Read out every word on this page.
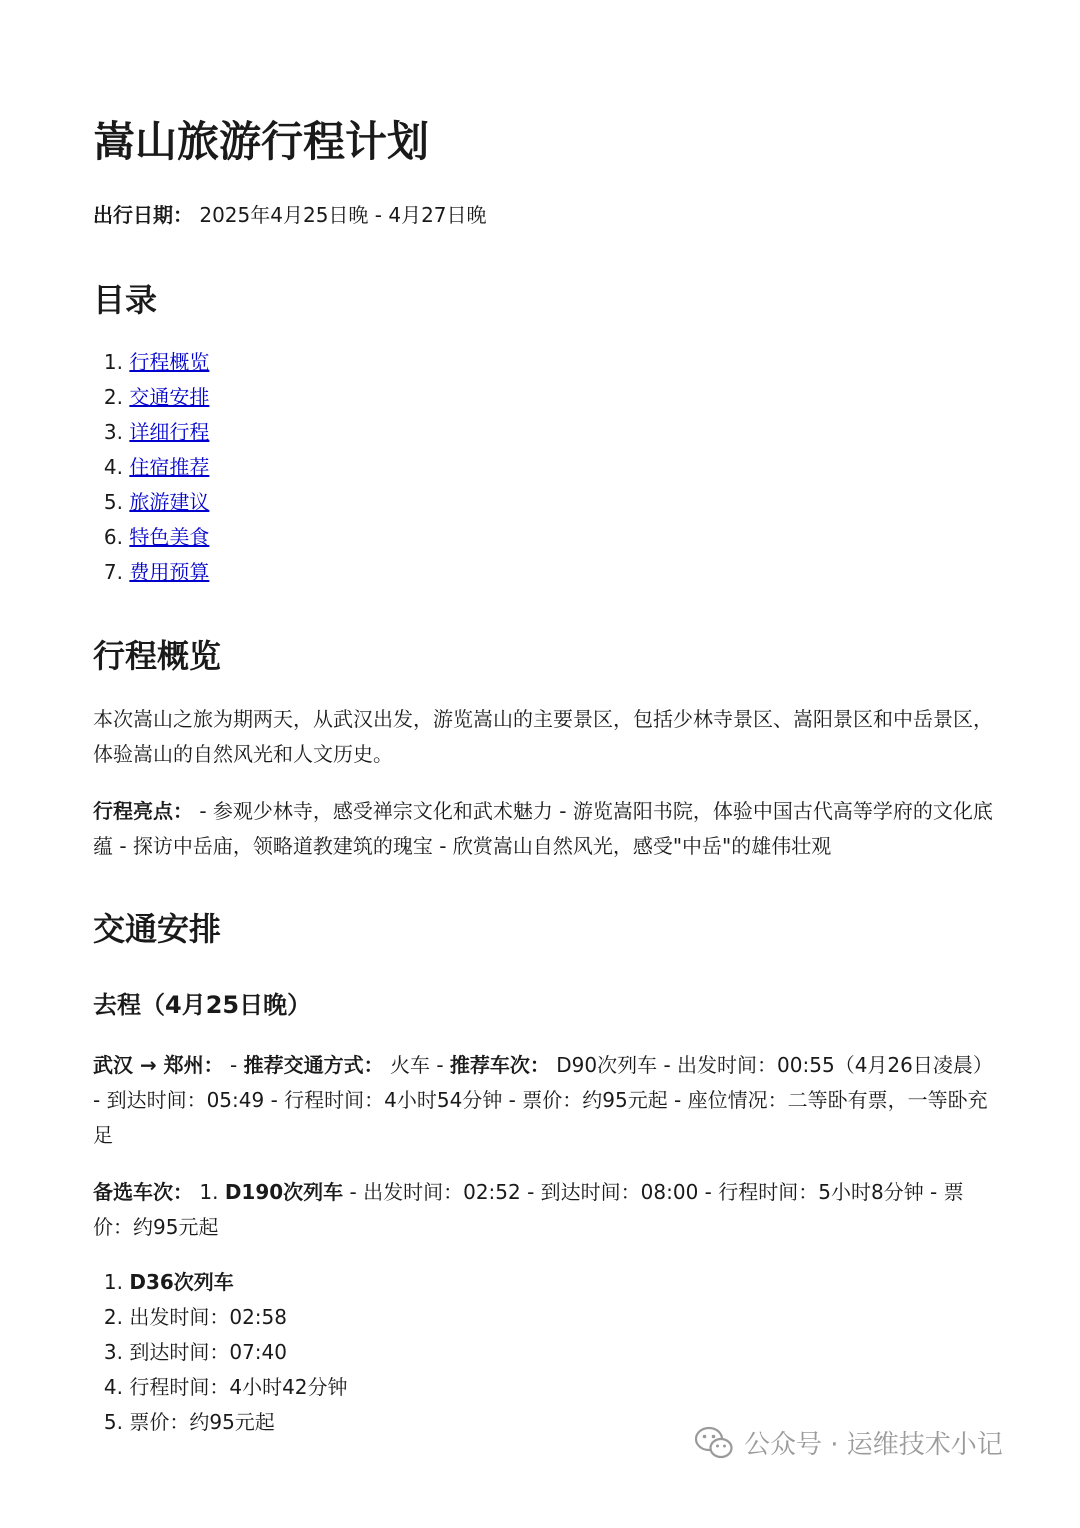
嵩山旅游行程计划

出行日期： 2025年4月25日晚 - 4月27日晚

目录
1. 行程概览
2. 交通安排
3. 详细行程
4. 住宿推荐
5. 旅游建议
6. 特色美食
7. 费用预算
行程概览

本次嵩山之旅为期两天，从武汉出发，游览嵩山的主要景区，包括少林寺景区、嵩阳景区和中岳景区，体验嵩山的自然风光和人文历史。

行程亮点： - 参观少林寺，感受禅宗文化和武术魅力 - 游览嵩阳书院，体验中国古代高等学府的文化底蕴 - 探访中岳庙，领略道教建筑的瑰宝 - 欣赏嵩山自然风光，感受"中岳"的雄伟壮观

交通安排
去程（4月25日晚）

武汉 → 郑州： - 推荐交通方式： 火车 - 推荐车次： D90次列车 - 出发时间：00:55（4月26日凌晨） - 到达时间：05:49 - 行程时间：4小时54分钟 - 票价：约95元起 - 座位情况：二等卧有票，一等卧充足

备选车次： 1. D190次列车 - 出发时间：02:52 - 到达时间：08:00 - 行程时间：5小时8分钟 - 票价：约95元起

1. D36次列车
2. 出发时间：02:58
3. 到达时间：07:40
4. 行程时间：4小时42分钟
5. 票价：约95元起
公众号 · 运维技术小记
